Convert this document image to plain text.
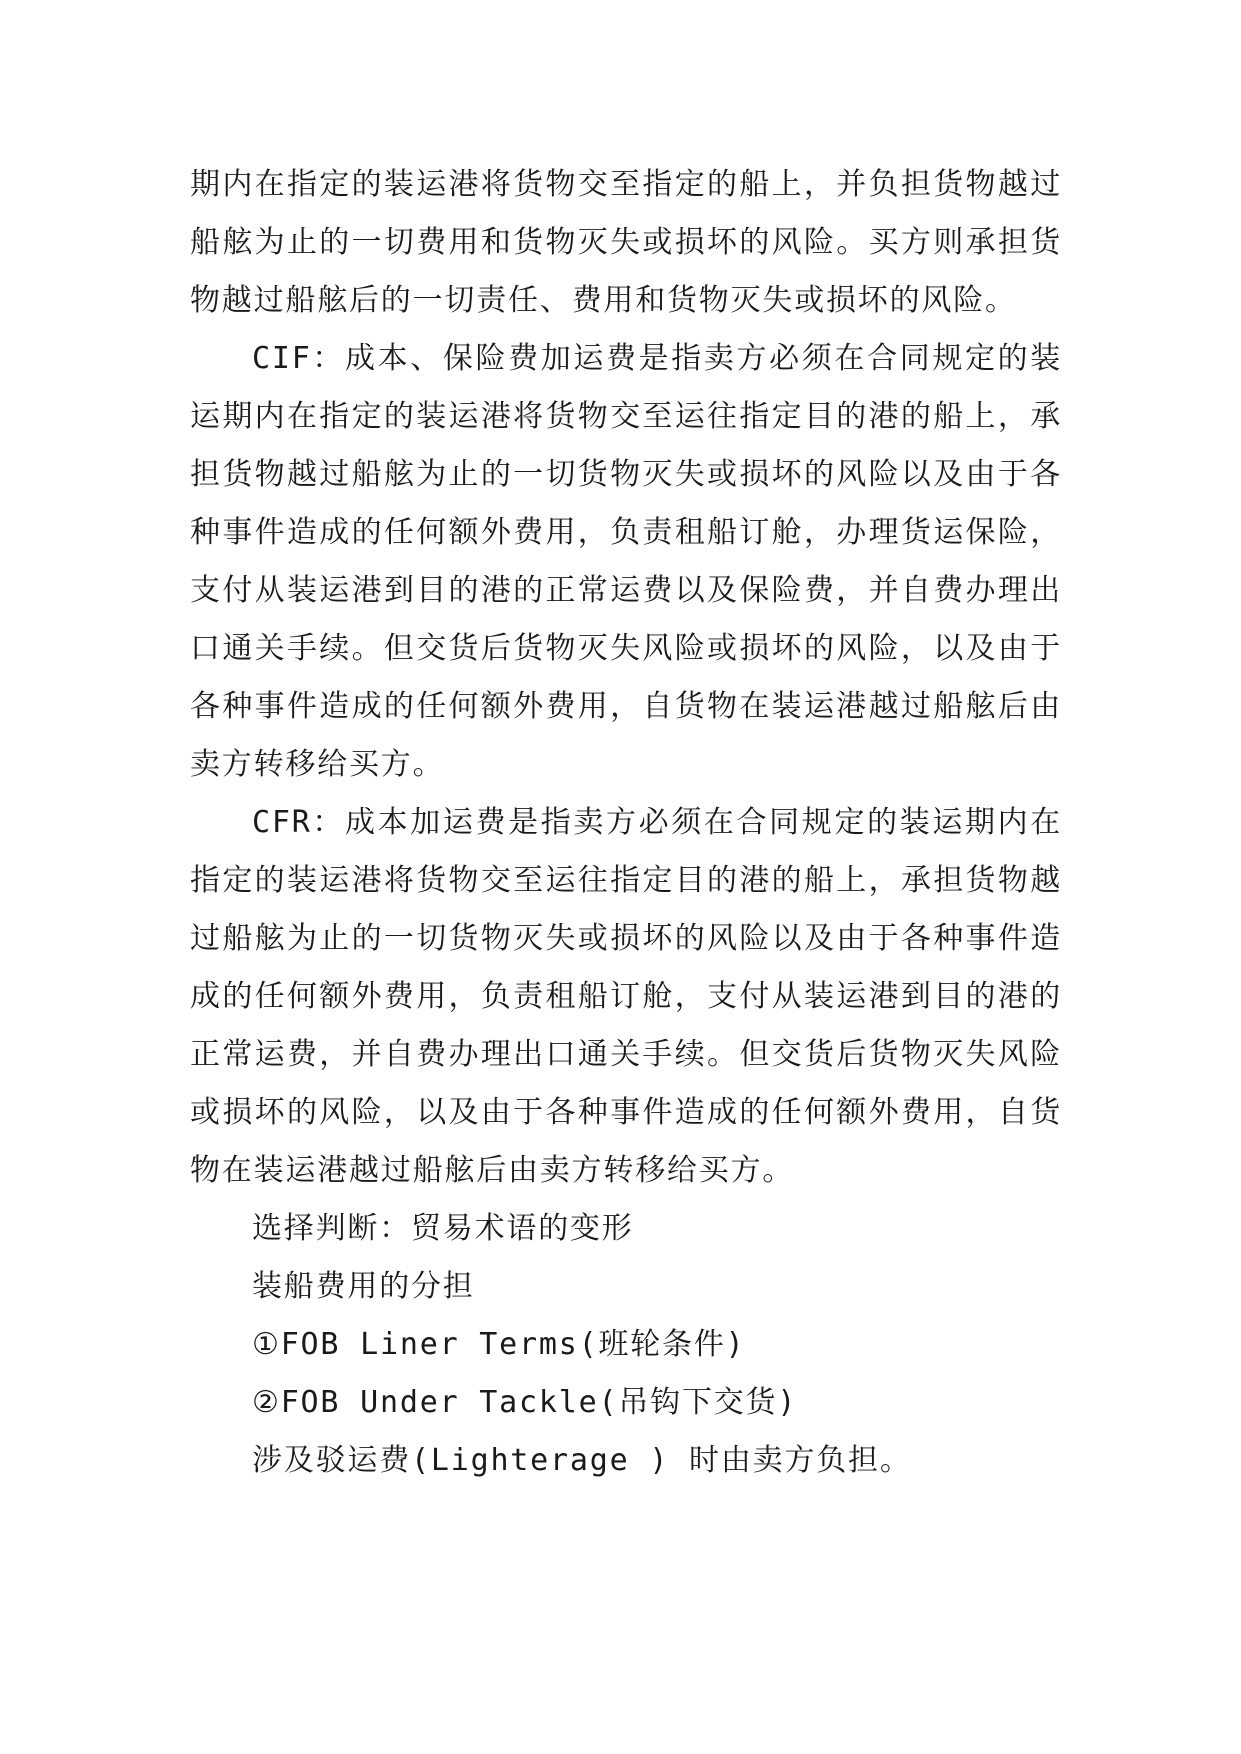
期内在指定的装运港将货物交至指定的船上，并负担货物越过船舷为止的一切费用和货物灭失或损坏的风险。买方则承担货物越过船舷后的一切责任、费用和货物灭失或损坏的风险。

CIF：成本、保险费加运费是指卖方必须在合同规定的装运期内在指定的装运港将货物交至运往指定目的港的船上，承担货物越过船舷为止的一切货物灭失或损坏的风险以及由于各种事件造成的任何额外费用，负责租船订舱，办理货运保险，支付从装运港到目的港的正常运费以及保险费，并自费办理出口通关手续。但交货后货物灭失风险或损坏的风险，以及由于各种事件造成的任何额外费用，自货物在装运港越过船舷后由卖方转移给买方。

CFR：成本加运费是指卖方必须在合同规定的装运期内在指定的装运港将货物交至运往指定目的港的船上，承担货物越过船舷为止的一切货物灭失或损坏的风险以及由于各种事件造成的任何额外费用，负责租船订舱，支付从装运港到目的港的正常运费，并自费办理出口通关手续。但交货后货物灭失风险或损坏的风险，以及由于各种事件造成的任何额外费用，自货物在装运港越过船舷后由卖方转移给买方。

选择判断：贸易术语的变形

装船费用的分担

①FOB Liner Terms(班轮条件)

②FOB Under Tackle(吊钩下交货)

涉及驳运费(Lighterage ) 时由卖方负担。
